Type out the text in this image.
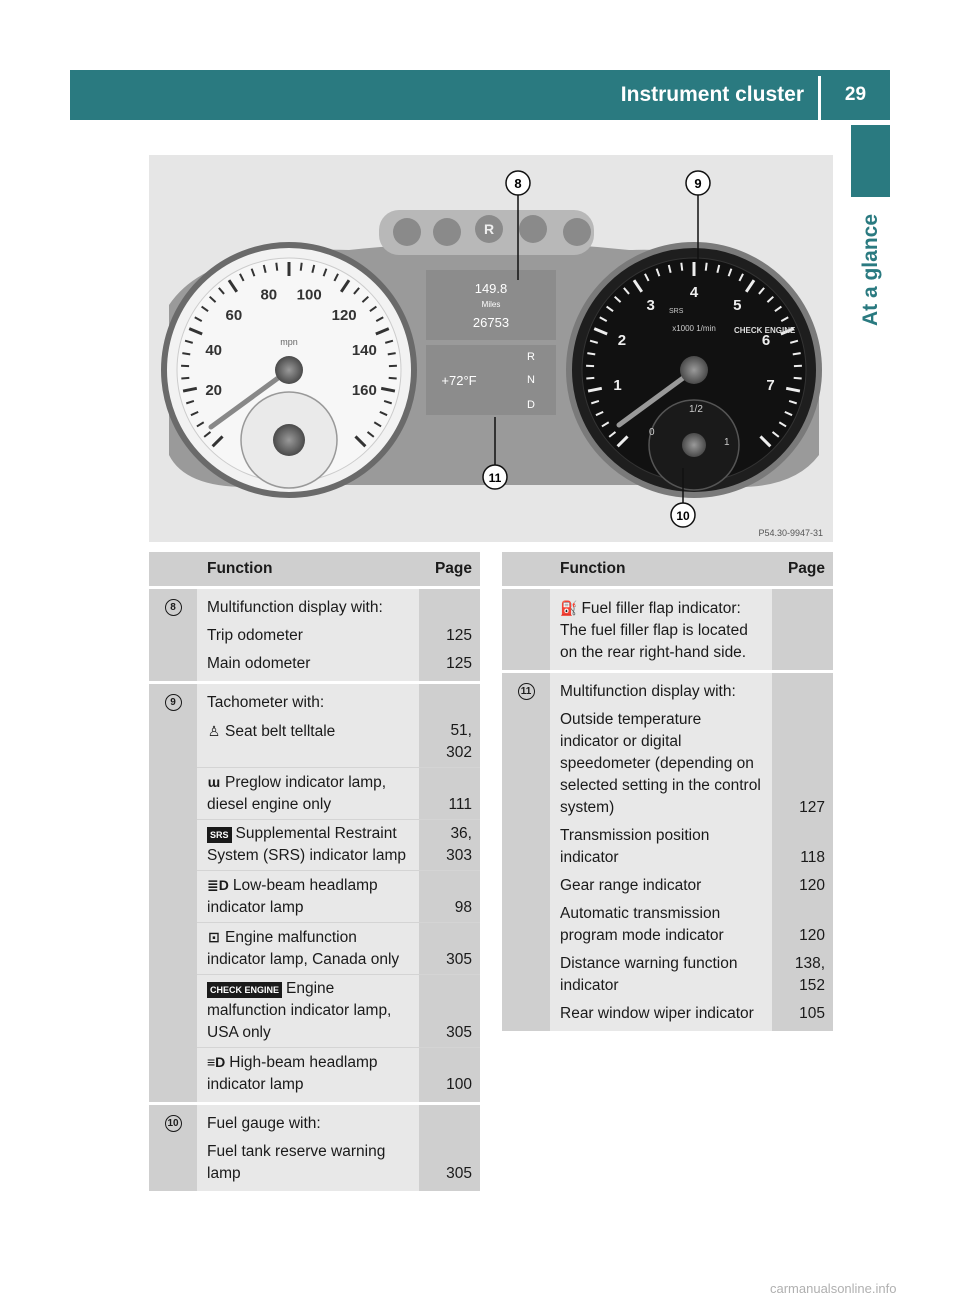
Instrument cluster	29
At a glance
R
20
40
60
80 100
120
140
160
mpn
149.8
Miles
26753
+72°F
R
N
D
1
2
3
4
5
6
7
x1000 1/min CHECK ENGINE
SRS
0
1/2
1
8	9
10
11
P54.30-9947-31
	Function	Page
8	Multifunction display with:	
	Trip odometer	125
	Main odometer	125
9	Tachometer with:	
	♙ Seat belt telltale	51,
302
	ɯ Preglow indicator lamp, diesel engine only	111
	SRS Supplemental Restraint System (SRS) indicator lamp	36,
303
	≣D Low-beam headlamp indicator lamp	98
	⊡ Engine malfunction indicator lamp, Canada only	305
	CHECK ENGINE Engine malfunction indicator lamp, USA only	305
	≡D High-beam headlamp indicator lamp	100
10	Fuel gauge with:	
	Fuel tank reserve warning lamp	305
	Function	Page
	⛽ Fuel filler flap indicator: The fuel filler flap is located on the rear right-hand side.	
11	Multifunction display with:	
	Outside temperature indicator or digital speedometer (depending on selected setting in the control system)	127
	Transmission position indicator	118
	Gear range indicator	120
	Automatic transmission program mode indicator	120
	Distance warning function indicator	138,
152
	Rear window wiper indicator	105
carmanualsonline.info
